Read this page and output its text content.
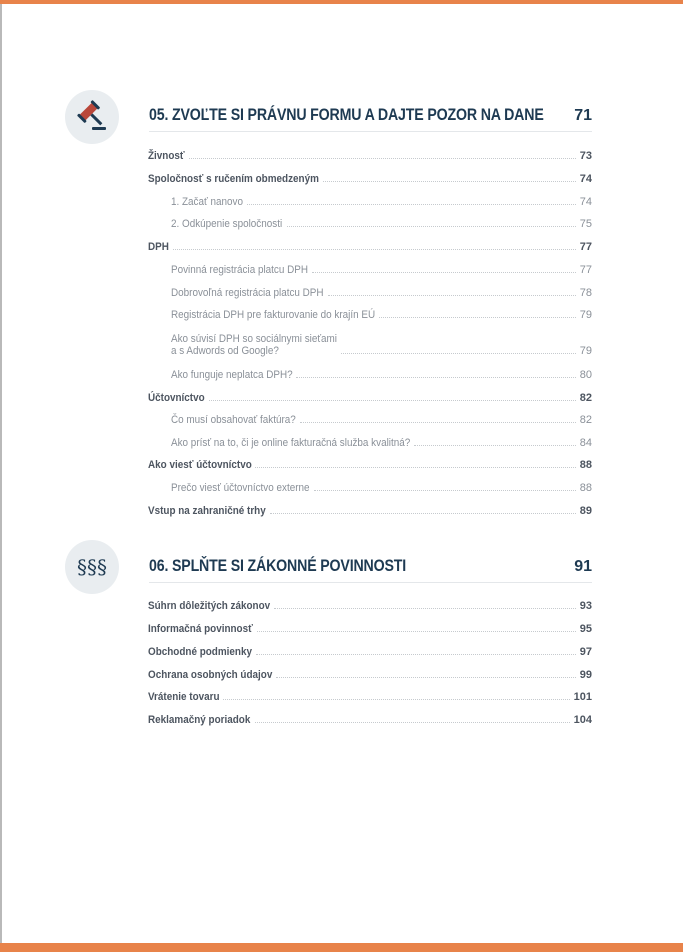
05. ZVOĽTE SI PRÁVNU FORMU A DAJTE POZOR NA DANE 71
Živnosť	73
Spoločnosť s ručením obmedzeným	74
1. Začať nanovo	74
2. Odkúpenie spoločnosti	75
DPH	77
Povinná registrácia platcu DPH	77
Dobrovoľná registrácia platcu DPH	78
Registrácia DPH pre fakturovanie do krajín EÚ	79
Ako súvisí DPH so sociálnymi sieťami
a s Adwords od Google?	79
Ako funguje neplatca DPH?	80
Účtovníctvo	82
Čo musí obsahovať faktúra?	82
Ako prísť na to, či je online fakturačná služba kvalitná?	84
Ako viesť účtovníctvo	88
Prečo viesť účtovníctvo externe	88
Vstup na zahraničné trhy	89
§§§	06. SPLŇTE SI ZÁKONNÉ POVINNOSTI	91
Súhrn dôležitých zákonov	93
Informačná povinnosť	95
Obchodné podmienky	97
Ochrana osobných údajov	99
Vrátenie tovaru	101
Reklamačný poriadok	104
